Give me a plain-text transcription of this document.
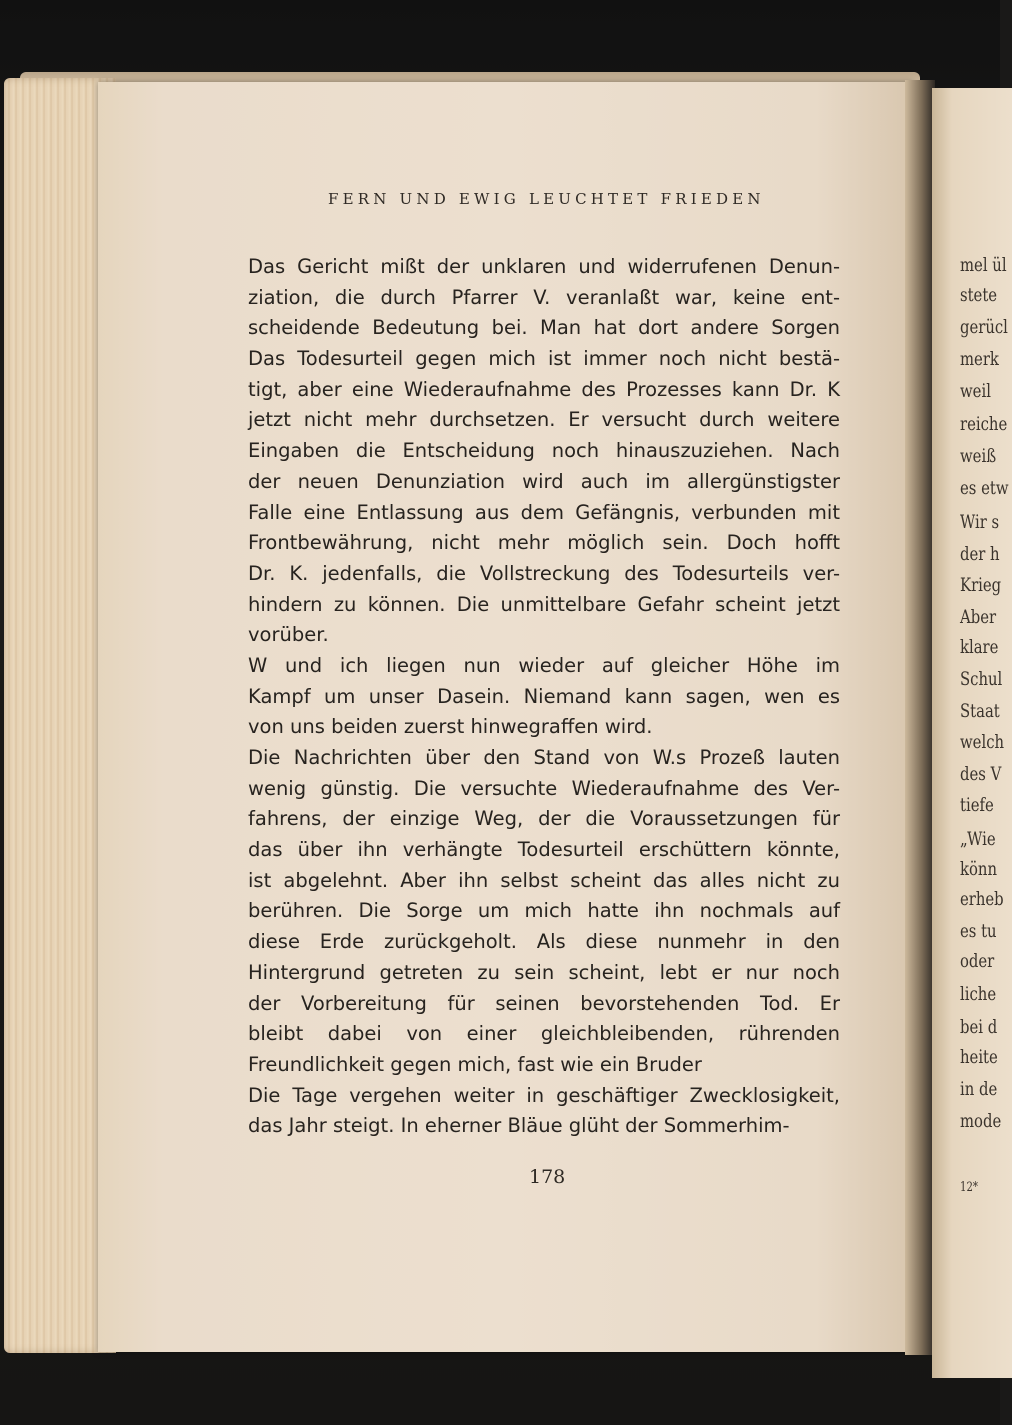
mel ül
stete
gerücl
merk
weil
reiche
weiß
es etw
Wir s
der h
Krieg
Aber
klare
Schul
Staat
welch
des V
tiefe
„Wie
könn
erheb
es tu
oder
liche
bei d
heite
in de
mode
12*
FERN UND EWIG LEUCHTET FRIEDEN
Das Gericht mißt der unklaren und widerrufenen Denun-
ziation, die durch Pfarrer V. veranlaßt war, keine ent-
scheidende Bedeutung bei. Man hat dort andere Sorgen
Das Todesurteil gegen mich ist immer noch nicht bestä-
tigt, aber eine Wiederaufnahme des Prozesses kann Dr. K
jetzt nicht mehr durchsetzen. Er versucht durch weitere
Eingaben die Entscheidung noch hinauszuziehen. Nach
der neuen Denunziation wird auch im allergünstigster
Falle eine Entlassung aus dem Gefängnis, verbunden mit
Frontbewährung, nicht mehr möglich sein. Doch hofft
Dr. K. jedenfalls, die Vollstreckung des Todesurteils ver-
hindern zu können. Die unmittelbare Gefahr scheint jetzt
vorüber.
W und ich liegen nun wieder auf gleicher Höhe im
Kampf um unser Dasein. Niemand kann sagen, wen es
von uns beiden zuerst hinwegraffen wird.
Die Nachrichten über den Stand von W.s Prozeß lauten
wenig günstig. Die versuchte Wiederaufnahme des Ver-
fahrens, der einzige Weg, der die Voraussetzungen für
das über ihn verhängte Todesurteil erschüttern könnte,
ist abgelehnt. Aber ihn selbst scheint das alles nicht zu
berühren. Die Sorge um mich hatte ihn nochmals auf
diese Erde zurückgeholt. Als diese nunmehr in den
Hintergrund getreten zu sein scheint, lebt er nur noch
der Vorbereitung für seinen bevorstehenden Tod. Er
bleibt dabei von einer gleichbleibenden, rührenden
Freundlichkeit gegen mich, fast wie ein Bruder
Die Tage vergehen weiter in geschäftiger Zwecklosigkeit,
das Jahr steigt. In eherner Bläue glüht der Sommerhim-
178
